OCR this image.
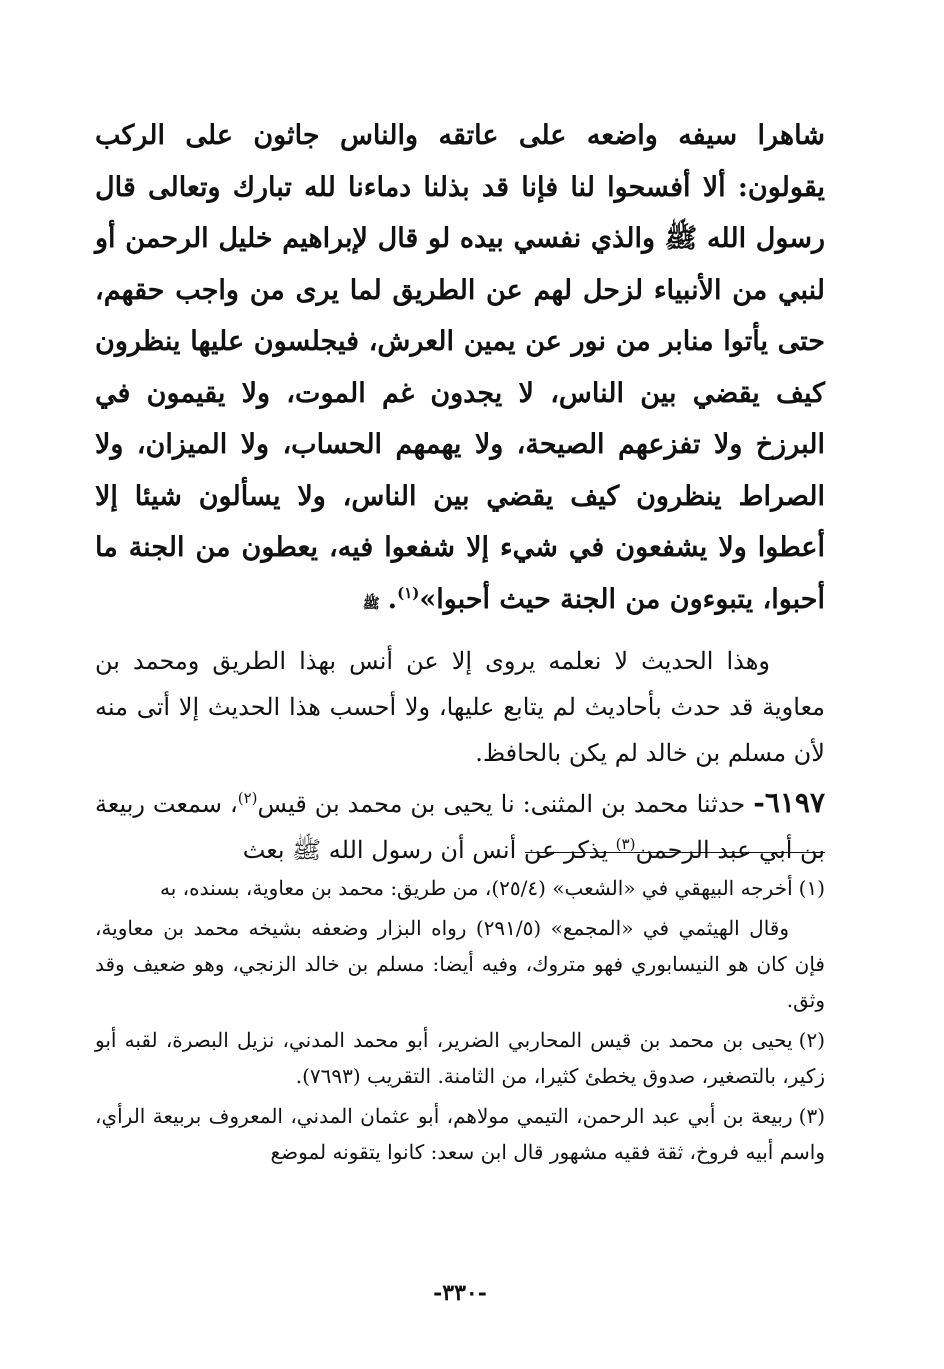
شاهرا سيفه واضعه على عاتقه والناس جاثون على الركب يقولون: ألا أفسحوا لنا فإنا قد بذلنا دماءنا لله تبارك وتعالى قال رسول الله ﷺ والذي نفسي بيده لو قال لإبراهيم خليل الرحمن أو لنبي من الأنبياء لزحل لهم عن الطريق لما يرى من واجب حقهم، حتى يأتوا منابر من نور عن يمين العرش، فيجلسون عليها ينظرون كيف يقضي بين الناس، لا يجدون غم الموت، ولا يقيمون في البرزخ ولا تفزعهم الصيحة، ولا يهمهم الحساب، ولا الميزان، ولا الصراط ينظرون كيف يقضي بين الناس، ولا يسألون شيئا إلا أعطوا ولا يشفعون في شيء إلا شفعوا فيه، يعطون من الجنة ما أحبوا، يتبوءون من الجنة حيث أحبوا»$^{(١)}$.ﷺ

وهذا الحديث لا نعلمه يروى إلا عن أنس بهذا الطريق ومحمد بن معاوية قد حدث بأحاديث لم يتابع عليها، ولا أحسب هذا الحديث إلا أتى منه لأن مسلم بن خالد لم يكن بالحافظ.

٦١٩٧- حدثنا محمد بن المثنى: نا يحيى بن محمد بن قيس$^{(٢)}$، سمعت ربيعة بن أبي عبد الرحمن$^{(٣)}$ يذكر عن أنس أن رسول الله ﷺ بعث

(١)أخرجه البيهقي في «الشعب» (٢٥/٤)، من طريق: محمد بن معاوية، بسنده، به

وقال الهيثمي في «المجمع» (٢٩١/٥) رواه البزار وضعفه بشيخه محمد بن معاوية، فإن كان هو النيسابوري فهو متروك، وفيه أيضا: مسلم بن خالد الزنجي، وهو ضعيف وقد وثق.

(٢)يحيى بن محمد بن قيس المحاربي الضرير، أبو محمد المدني، نزيل البصرة، لقبه أبو زكير، بالتصغير، صدوق يخطئ كثيرا، من الثامنة. التقريب (٧٦٩٣).

(٣)ربيعة بن أبي عبد الرحمن، التيمي مولاهم، أبو عثمان المدني، المعروف بربيعة الرأي، واسم أبيه فروخ، ثقة فقيه مشهور قال ابن سعد: كانوا يتقونه لموضع

-٣٣٠-
